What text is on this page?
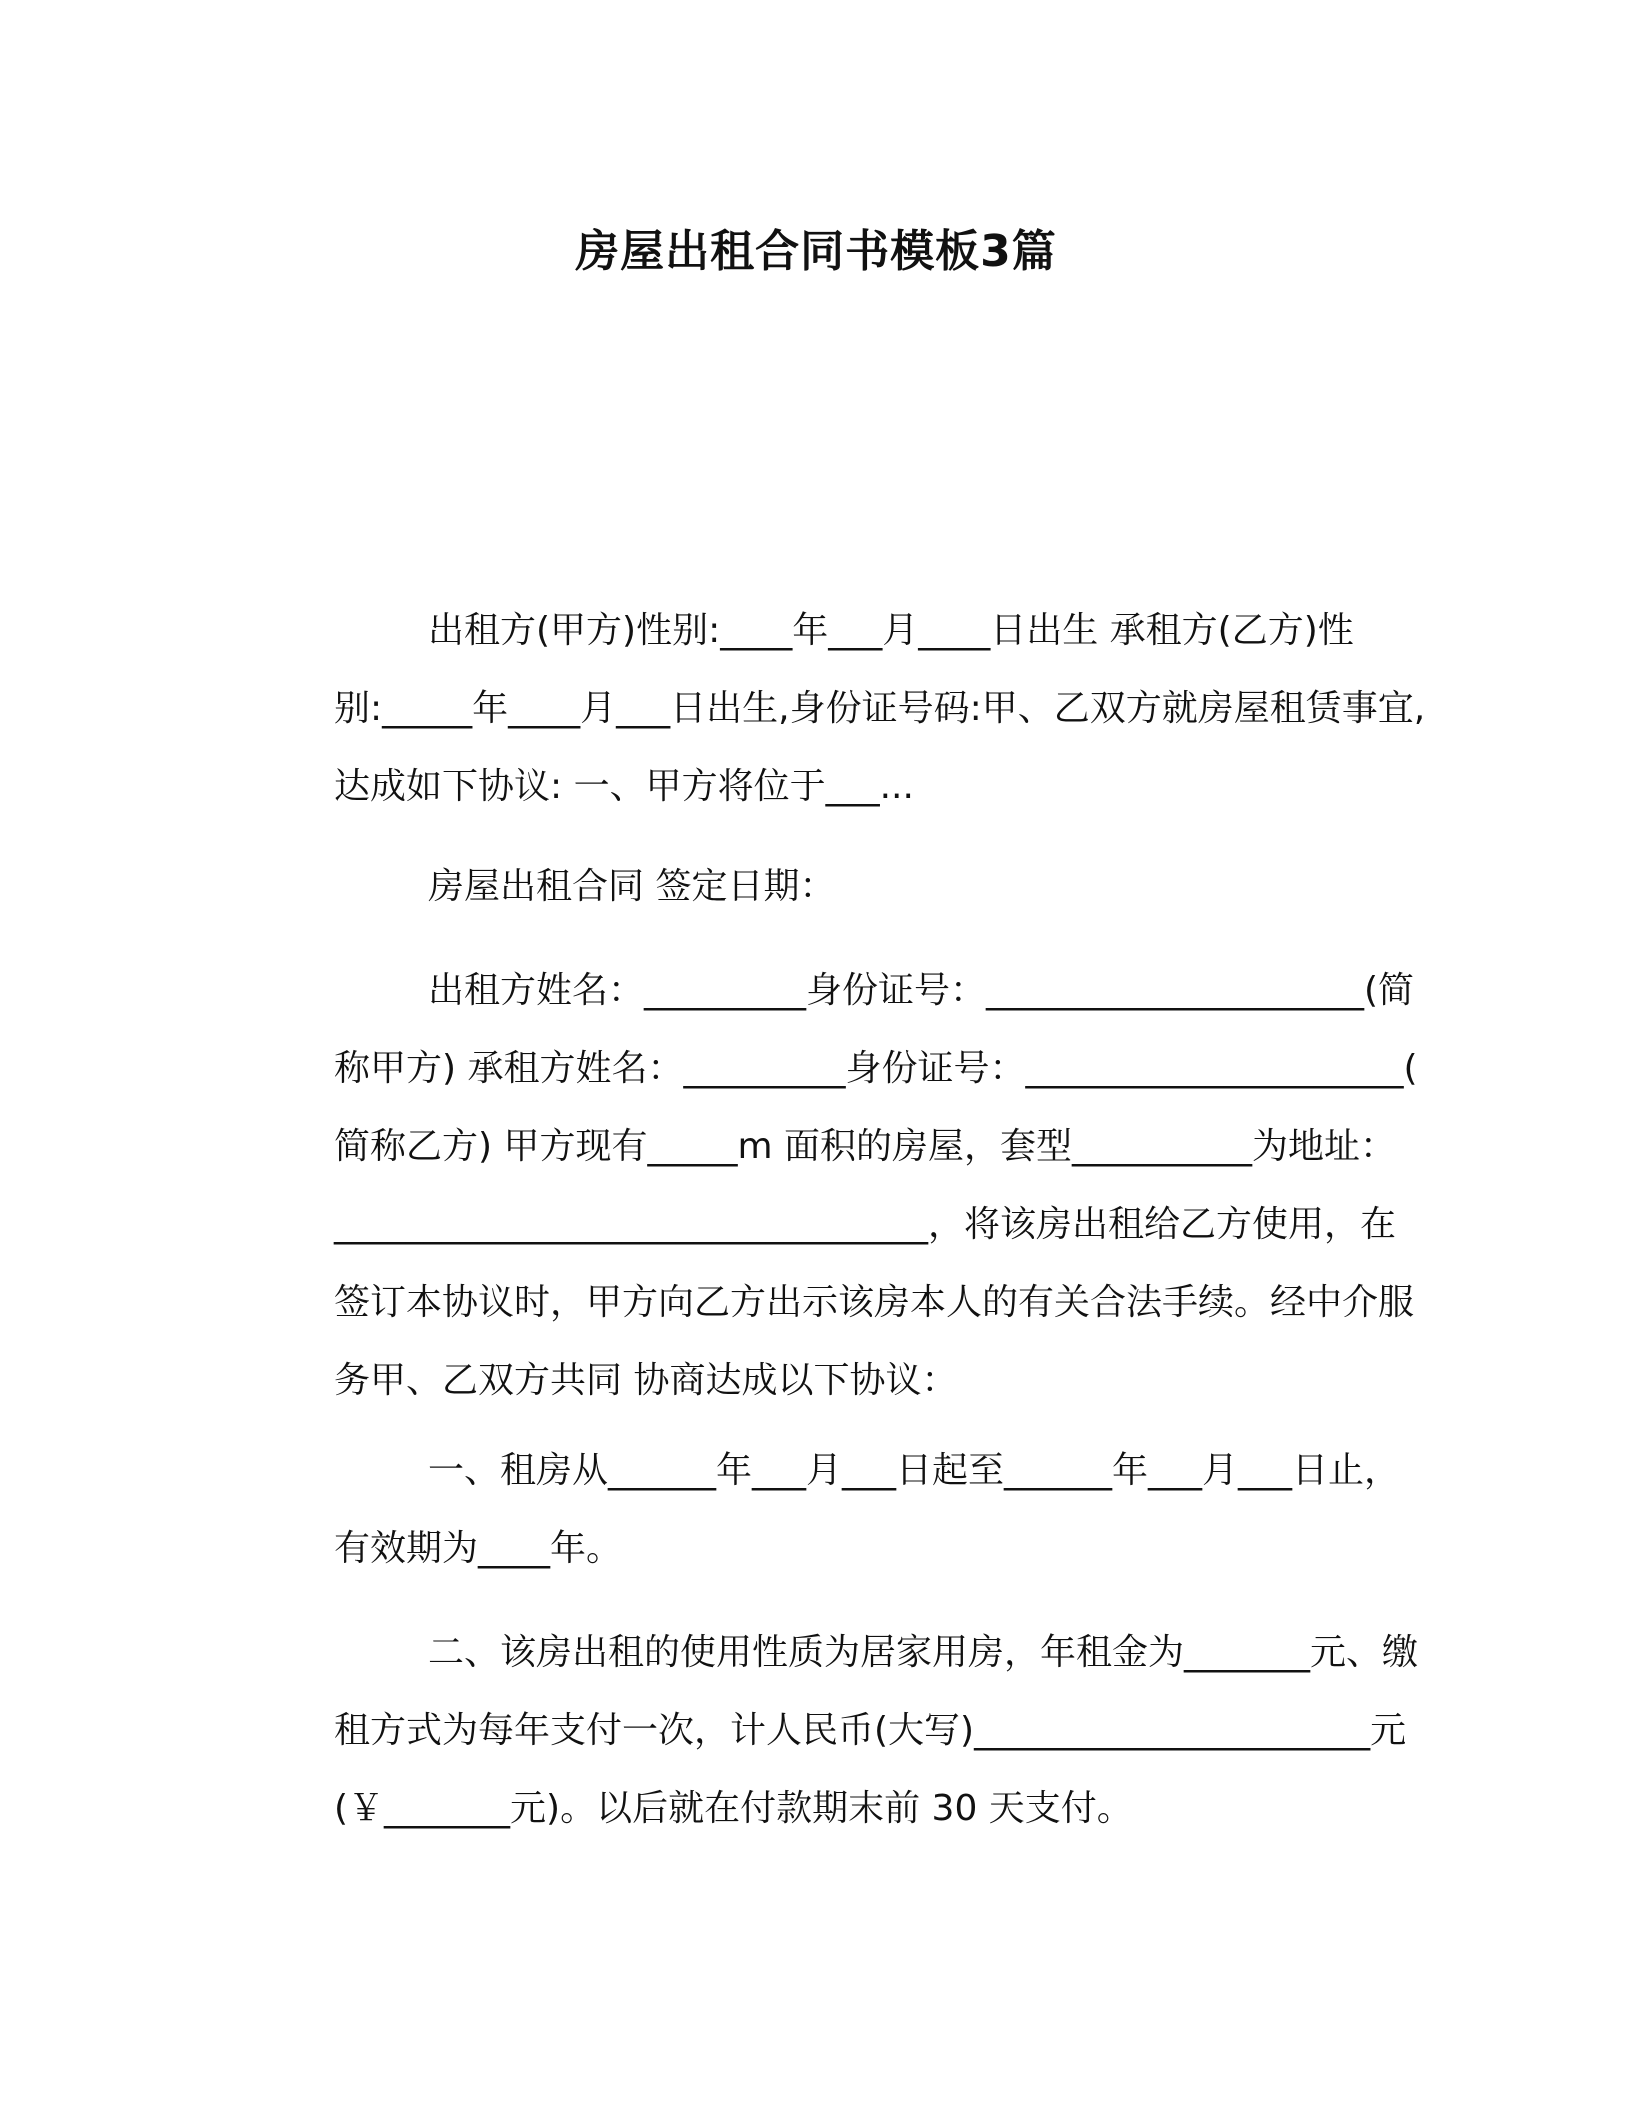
房屋出租合同书模板3篇
出租方(甲方)性别:____年___月____日出生 承租方(乙方)性
别:_____年____月___日出生,身份证号码:甲、乙双方就房屋租赁事宜,
达成如下协议: 一、甲方将位于___...
房屋出租合同 签定日期：
出租方姓名：_________身份证号：_____________________(简
称甲方) 承租方姓名：_________身份证号：_____________________(
简称乙方) 甲方现有_____m 面积的房屋，套型__________为地址：
_________________________________，将该房出租给乙方使用，在
签订本协议时，甲方向乙方出示该房本人的有关合法手续。经中介服
务甲、乙双方共同 协商达成以下协议：
一、租房从______年___月___日起至______年___月___日止，
有效期为____年。
二、该房出租的使用性质为居家用房，年租金为_______元、缴
租方式为每年支付一次，计人民币(大写)______________________元
(￥_______元)。以后就在付款期末前 30 天支付。
